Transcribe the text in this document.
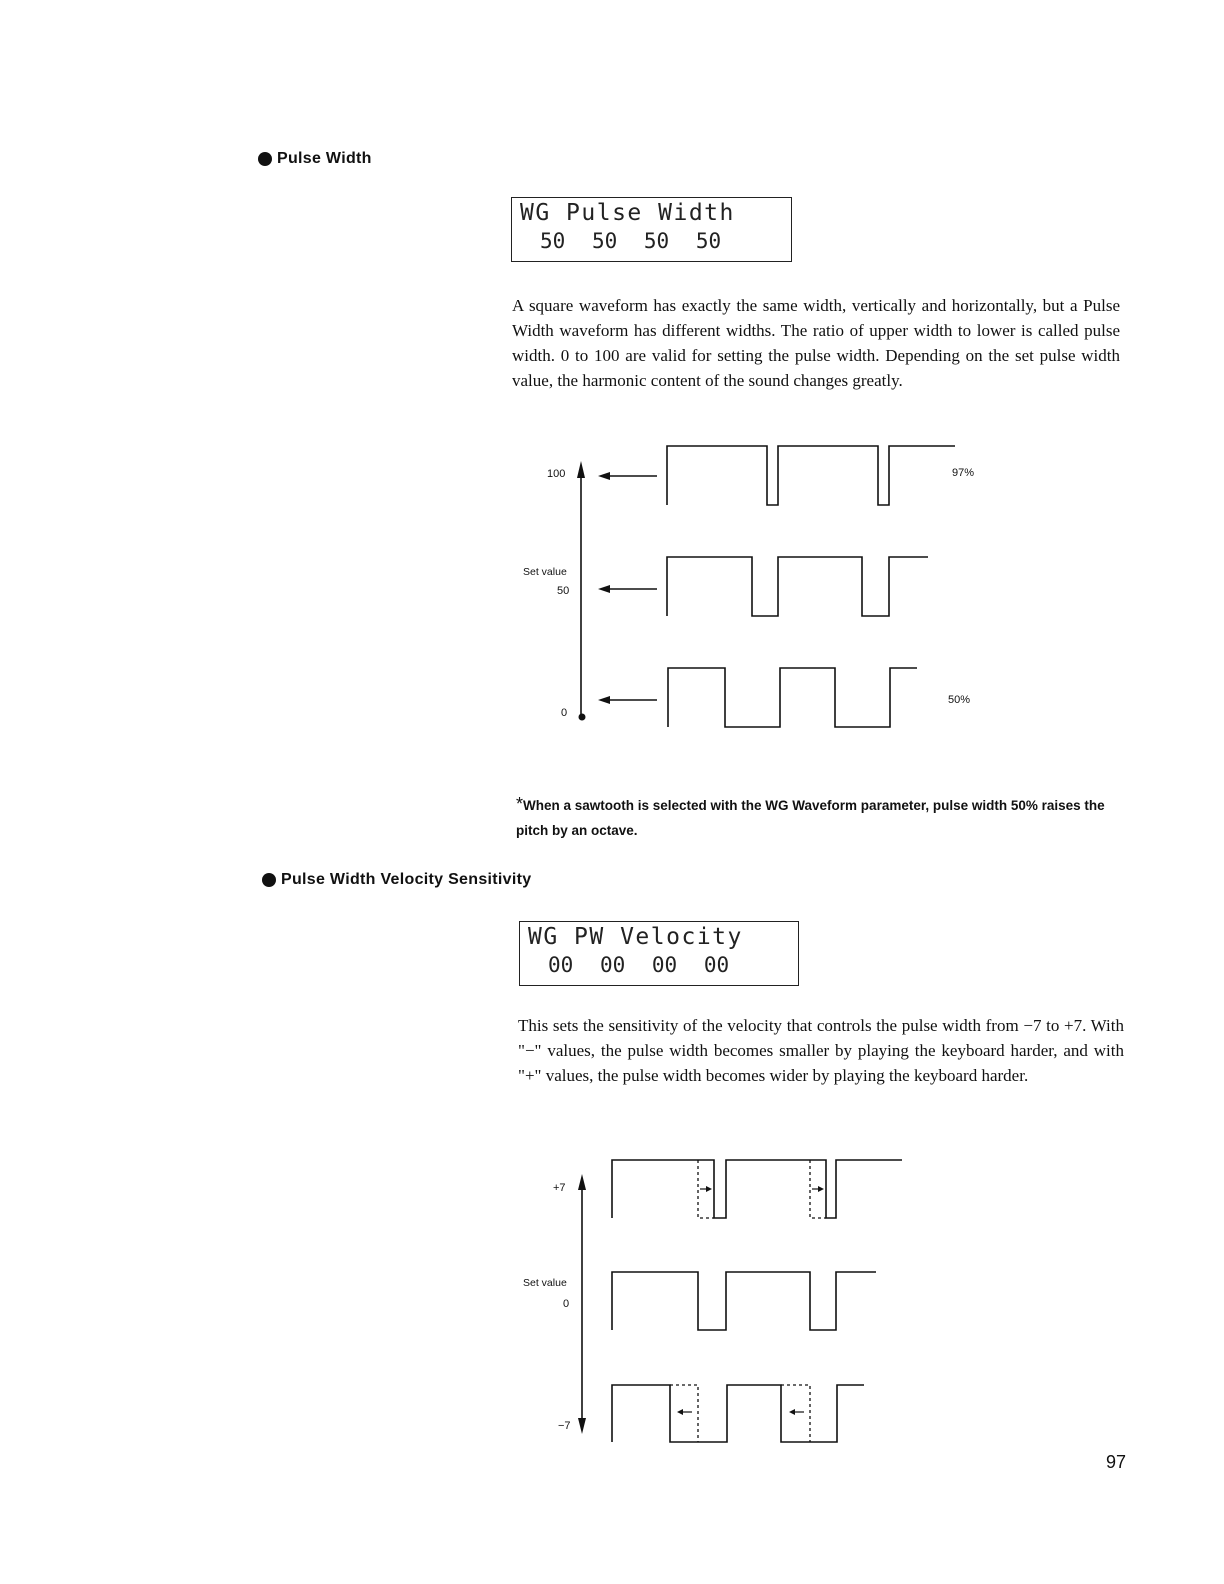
Pulse Width
WG Pulse Width
50 50 50 50
A square waveform has exactly the same width, vertically and horizontally, but a Pulse Width waveform has different widths. The ratio of upper width to lower is called pulse width. 0 to 100 are valid for setting the pulse width. Depending on the set pulse width value, the harmonic content of the sound changes greatly.
100
Set value
50
0
97%
50%
*When a sawtooth is selected with the WG Waveform parameter, pulse width 50% raises the pitch by an octave.
Pulse Width Velocity Sensitivity
WG PW Velocity
00 00 00 00
This sets the sensitivity of the velocity that controls the pulse width from −7 to +7. With "−" values, the pulse width becomes smaller by playing the keyboard harder, and with "+" values, the pulse width becomes wider by playing the keyboard harder.
+7
Set value
0
−7
97
